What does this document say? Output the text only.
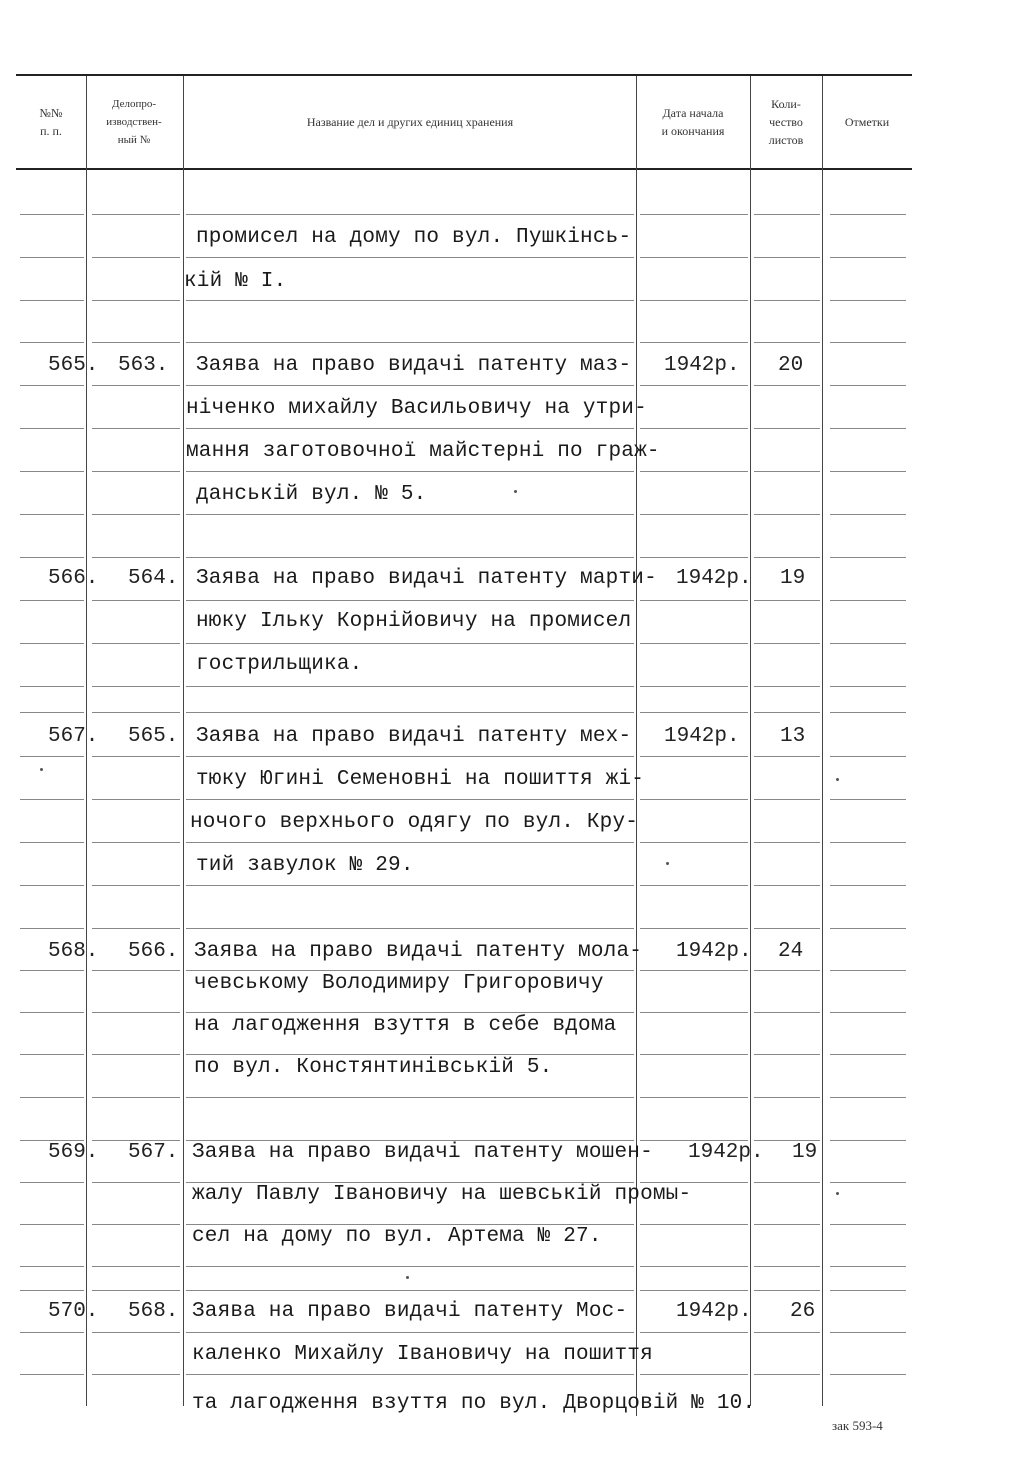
№№
п. п.
Делопро-
изводствен-
ный №
Название дел и других единиц хранения
Дата начала
и окончания
Коли-
чество
листов
Отметки
промисел на дому по вул. Пушкінсь-
кій № І.
565. 563. Заява на право видачі патенту маз-
ніченко михайлу Васильовичу на утри-
мання заготовочної майстерні по граж-
данській вул. № 5.
1942р. 20
566. 564. Заява на право видачі патенту марти-
нюку Ільку Корнійовичу на промисел
гострильщика.
1942р. 19
567. 565. Заява на право видачі патенту мех-
тюку Югині Семеновні на пошиття жі-
ночого верхнього одягу по вул. Кру-
тий завулок № 29.
1942р. 13
568. 566. Заява на право видачі патенту мола-
чевському Володимиру Григоровичу
на лагодження взуття в себе вдома
по вул. Констянтинівській 5.
1942р. 24
569. 567. Заява на право видачі патенту мошен-
жалу Павлу Івановичу на шевській промы-
сел на дому по вул. Артема № 27.
1942р. 19
570. 568. Заява на право видачі патенту Мос-
каленко Михайлу Івановичу на пошиття
та лагодження взуття по вул. Дворцовій № 10.
1942р. 26
зак 593-4
